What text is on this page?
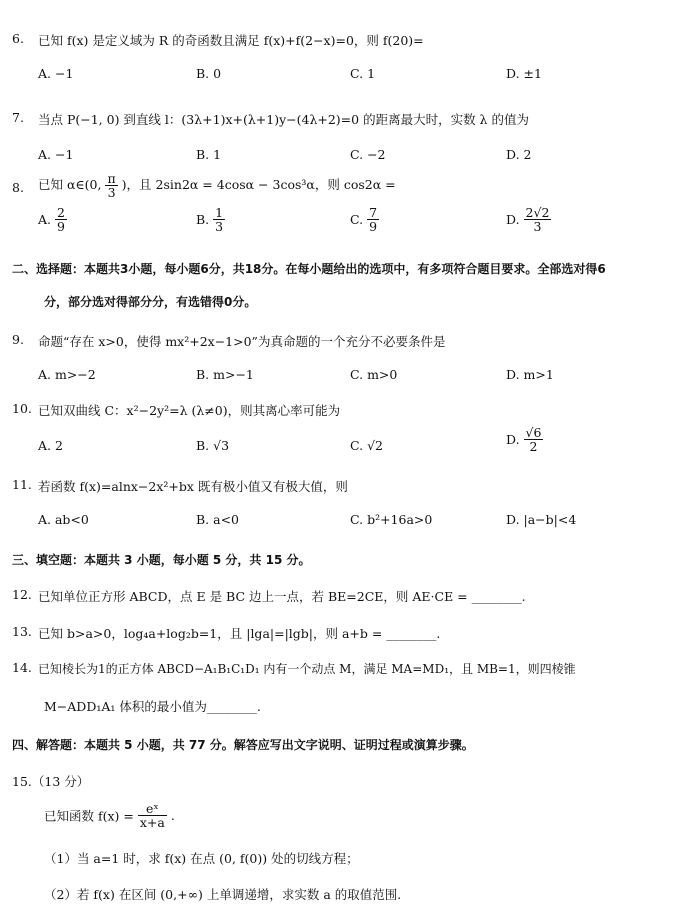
6. 已知 f(x) 是定义域为 R 的奇函数且满足 f(x)+f(2−x)=0，则 f(20)=
A. −1	B. 0	C. 1	D. ±1
7. 当点 P(−1, 0) 到直线 l：(3λ+1)x+(λ+1)y−(4λ+2)=0 的距离最大时，实数 λ 的值为
A. −1	B. 1	C. −2	D. 2
8. 已知 α∈(0, $\frac{\pi}{3}$ )，且 2sin2α = 4cosα − 3cos³α，则 cos2α =
A. $\frac{2}{9}$	B. $\frac{1}{3}$	C. $\frac{7}{9}$	D. $\frac{2√2}{3}$
二、选择题：本题共3小题，每小题6分，共18分。在每小题给出的选项中，有多项符合题目要求。全部选对得6
分，部分选对得部分分，有选错得0分。
9. 命题“存在 x>0，使得 mx²+2x−1>0”为真命题的一个充分不必要条件是
A. m>−2	B. m>−1	C. m>0	D. m>1
10. 已知双曲线 C：x²−2y²=λ (λ≠0)，则其离心率可能为
A. 2	B. √3	C. √2	D. $\frac{√6}{2}$
11. 若函数 f(x)=alnx−2x²+bx 既有极小值又有极大值，则
A. ab<0	B. a<0	C. b²+16a>0	D. |a−b|<4
三、填空题：本题共 3 小题，每小题 5 分，共 15 分。
12. 已知单位正方形 ABCD，点 E 是 BC 边上一点，若 BE=2CE，则 AE·CE = ________.
13. 已知 b>a>0，log₄a+log₂b=1，且 |lga|=|lgb|，则 a+b = ________.
14. 已知棱长为1的正方体 ABCD−A₁B₁C₁D₁ 内有一个动点 M，满足 MA=MD₁，且 MB=1，则四棱锥
M−ADD₁A₁ 体积的最小值为________.
四、解答题：本题共 5 小题，共 77 分。解答应写出文字说明、证明过程或演算步骤。
15.（13 分）
已知函数 $f(x) = \frac{\text{eˣ}}{x+a}$ .
（1）当 a=1 时，求 f(x) 在点 (0, f(0)) 处的切线方程；
（2）若 f(x) 在区间 (0,+∞) 上单调递增，求实数 a 的取值范围.
